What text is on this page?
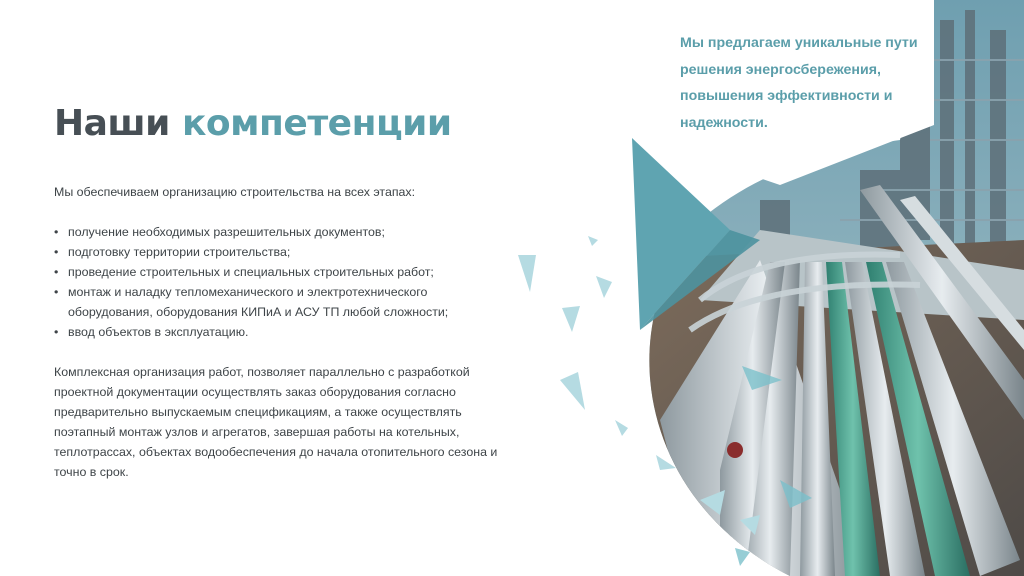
Наши компетенции

Мы обеспечиваем организацию строительства на всех этапах:

• получение необходимых разрешительных документов;
• подготовку территории строительства;
• проведение строительных и специальных строительных работ;
• монтаж и наладку тепломеханического и электротехнического оборудования, оборудования КИПиА и АСУ ТП любой сложности;
• ввод объектов в эксплуатацию.

Комплексная организация работ, позволяет параллельно с разработкой проектной документации осуществлять заказ оборудования согласно предварительно выпускаемым спецификациям, а также осуществлять поэтапный монтаж узлов и агрегатов, завершая работы на котельных, теплотрассах, объектах водообеспечения до начала отопительного сезона и точно в срок.

Мы предлагаем уникальные пути решения энергосбережения, повышения эффективности и надежности.
